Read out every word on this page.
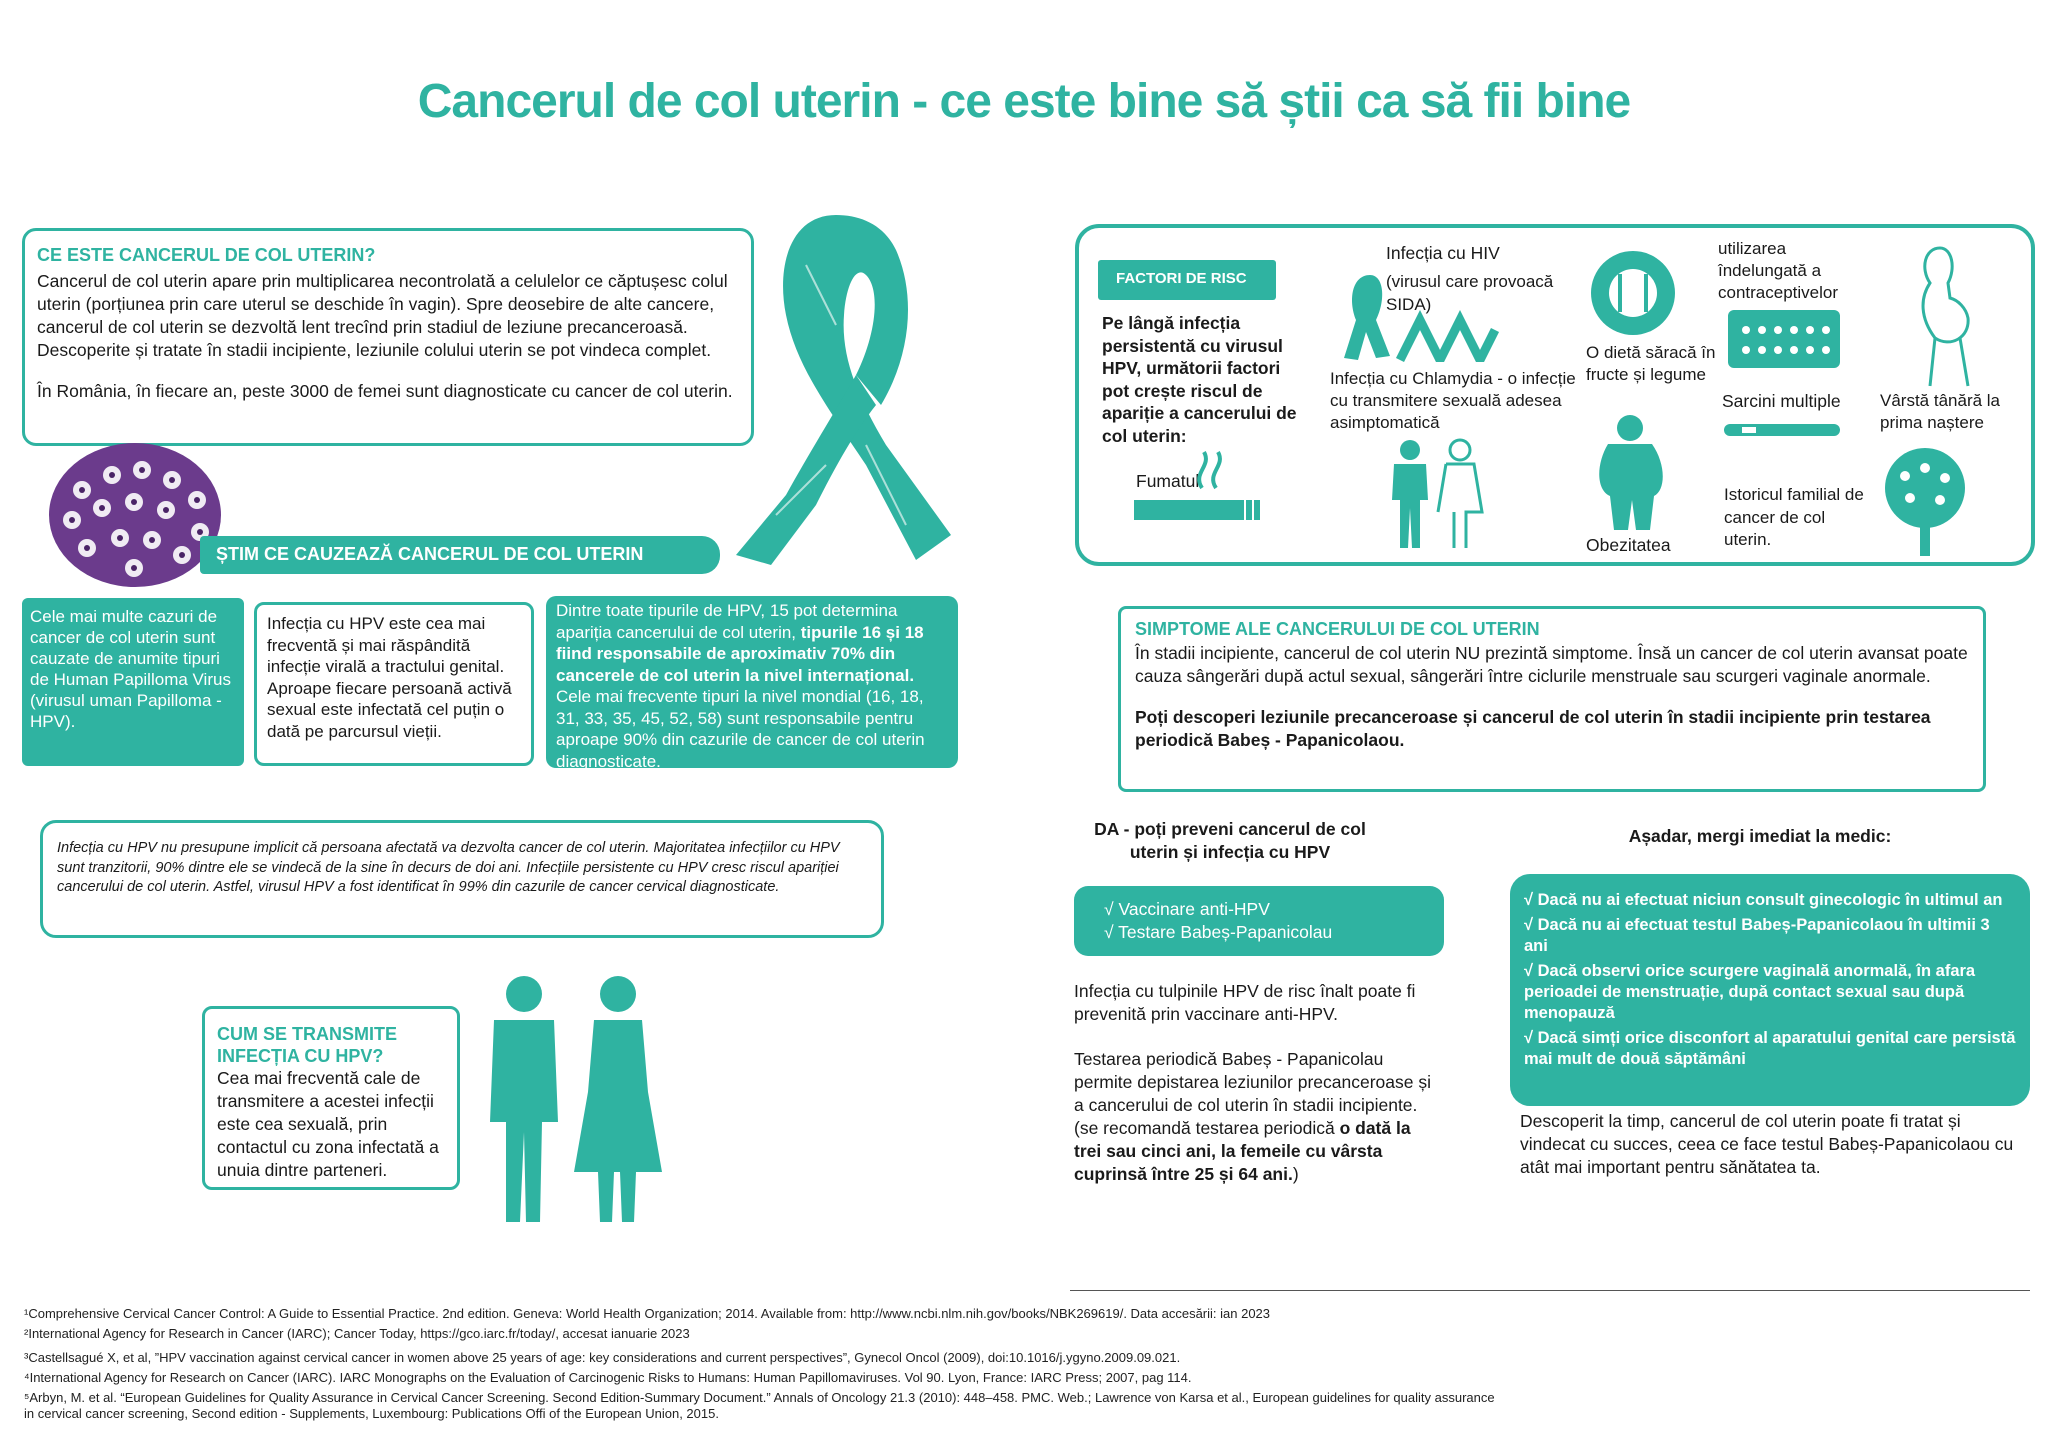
Cancerul de col uterin - ce este bine să știi ca să fii bine
CE ESTE CANCERUL DE COL UTERIN?
Cancerul de col uterin apare prin multiplicarea necontrolată a celulelor ce căptușesc colul uterin (porțiunea prin care uterul se deschide în vagin). Spre deosebire de alte cancere, cancerul de col uterin se dezvoltă lent trecînd prin stadiul de leziune precanceroasă. Descoperite și tratate în stadii incipiente, leziunile colului uterin se pot vindeca complet.
În România, în fiecare an, peste 3000 de femei sunt diagnosticate cu cancer de col uterin.
ȘTIM CE CAUZEAZĂ CANCERUL DE COL UTERIN
Cele mai multe cazuri de cancer de col uterin sunt cauzate de anumite tipuri de Human Papilloma Virus (virusul uman Papilloma - HPV).
Infecția cu HPV este cea mai frecventă și mai răspândită infecție virală a tractului genital. Aproape fiecare persoană activă sexual este infectată cel puțin o dată pe parcursul vieții.
Dintre toate tipurile de HPV, 15 pot determina apariția cancerului de col uterin, tipurile 16 și 18 fiind responsabile de aproximativ 70% din cancerele de col uterin la nivel internațional. Cele mai frecvente tipuri la nivel mondial (16, 18, 31, 33, 35, 45, 52, 58) sunt responsabile pentru aproape 90% din cazurile de cancer de col uterin diagnosticate.
Infecția cu HPV nu presupune implicit că persoana afectată va dezvolta cancer de col uterin. Majoritatea infecțiilor cu HPV sunt tranzitorii, 90% dintre ele se vindecă de la sine în decurs de doi ani. Infecțiile persistente cu HPV cresc riscul apariției cancerului de col uterin. Astfel, virusul HPV a fost identificat în 99% din cazurile de cancer cervical diagnosticate.
CUM SE TRANSMITE INFECȚIA CU HPV?
Cea mai frecventă cale de transmitere a acestei infecții este cea sexuală, prin contactul cu zona infectată a unuia dintre parteneri.
FACTORI DE RISC
Pe lângă infecția persistentă cu virusul HPV, următorii factori pot crește riscul de apariție a cancerului de col uterin:
Infecția cu HIV
(virusul care provoacă SIDA)
Infecția cu Chlamydia - o infecție cu transmitere sexuală adesea asimptomatică
O dietă săracă în fructe și legume
utilizarea îndelungată a contraceptivelor
Sarcini multiple Vârstă tânără la prima naștere
Fumatul
Obezitatea
Istoricul familial de cancer de col uterin.
SIMPTOME ALE CANCERULUI DE COL UTERIN
În stadii incipiente, cancerul de col uterin NU prezintă simptome. Însă un cancer de col uterin avansat poate cauza sângerări după actul sexual, sângerări între ciclurile menstruale sau scurgeri vaginale anormale.
Poți descoperi leziunile precanceroase și cancerul de col uterin în stadii incipiente prin testarea periodică Babeș - Papanicolaou.
DA - poți preveni cancerul de col uterin și infecția cu HPV
√ Vaccinare anti-HPV
√ Testare Babeș-Papanicolau
Infecția cu tulpinile HPV de risc înalt poate fi prevenită prin vaccinare anti-HPV.
Testarea periodică Babeș - Papanicolau permite depistarea leziunilor precanceroase și a cancerului de col uterin în stadii incipiente. (se recomandă testarea periodică o dată la trei sau cinci ani, la femeile cu vârsta cuprinsă între 25 și 64 ani.)
Așadar, mergi imediat la medic:
√ Dacă nu ai efectuat niciun consult ginecologic în ultimul an
√ Dacă nu ai efectuat testul Babeș-Papanicolaou în ultimii 3 ani
√ Dacă observi orice scurgere vaginală anormală, în afara perioadei de menstruație, după contact sexual sau după menopauză
√ Dacă simți orice disconfort al aparatului genital care persistă mai mult de două săptămâni
Descoperit la timp, cancerul de col uterin poate fi tratat și vindecat cu succes, ceea ce face testul Babeș-Papanicolaou cu atât mai important pentru sănătatea ta.
¹Comprehensive Cervical Cancer Control: A Guide to Essential Practice. 2nd edition. Geneva: World Health Organization; 2014. Available from: http://www.ncbi.nlm.nih.gov/books/NBK269619/. Data accesării: ian 2023
²International Agency for Research in Cancer (IARC); Cancer Today, https://gco.iarc.fr/today/, accesat ianuarie 2023
³Castellsagué X, et al, ”HPV vaccination against cervical cancer in women above 25 years of age: key considerations and current perspectives”, Gynecol Oncol (2009), doi:10.1016/j.ygyno.2009.09.021.
⁴International Agency for Research on Cancer (IARC). IARC Monographs on the Evaluation of Carcinogenic Risks to Humans: Human Papillomaviruses. Vol 90. Lyon, France: IARC Press; 2007, pag 114.
⁵Arbyn, M. et al. “European Guidelines for Quality Assurance in Cervical Cancer Screening. Second Edition-Summary Document.” Annals of Oncology 21.3 (2010): 448–458. PMC. Web.; Lawrence von Karsa et al., European guidelines for quality assurance in cervical cancer screening, Second edition - Supplements, Luxembourg: Publications Offi of the European Union, 2015.
